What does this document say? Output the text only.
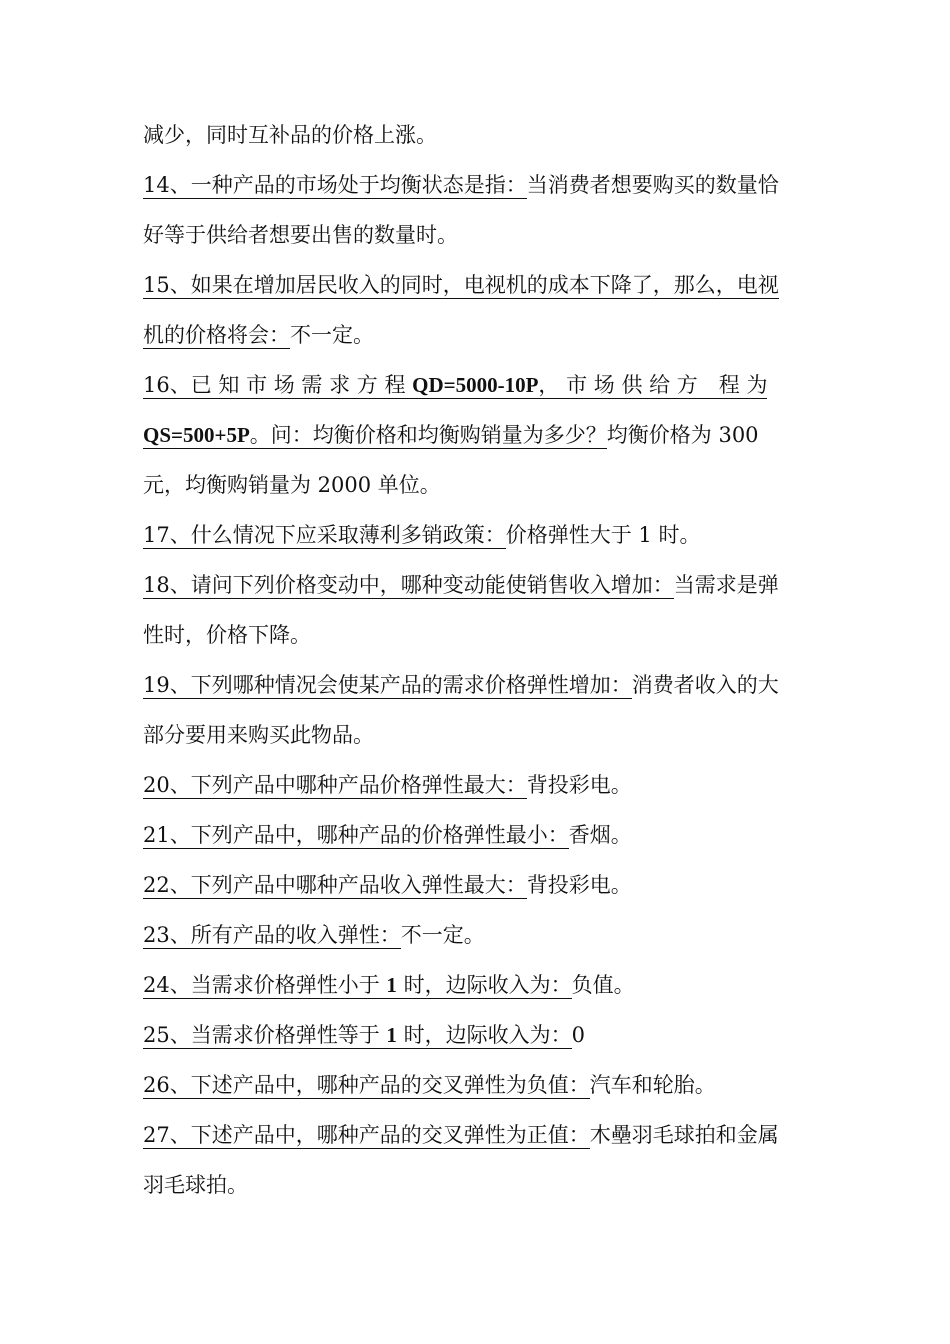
减少，同时互补品的价格上涨。
14、一种产品的市场处于均衡状态是指：当消费者想要购买的数量恰
好等于供给者想要出售的数量时。
15、如果在增加居民收入的同时，电视机的成本下降了，那么，电视
机的价格将会：不一定。
16、已 知 市 场 需 求 方 程 QD=5000-10P， 市 场 供 给 方　程 为
QS=500+5P。问：均衡价格和均衡购销量为多少？均衡价格为 300
元，均衡购销量为 2000 单位。
17、什么情况下应采取薄利多销政策：价格弹性大于 1 时。
18、请问下列价格变动中，哪种变动能使销售收入增加：当需求是弹
性时，价格下降。
19、下列哪种情况会使某产品的需求价格弹性增加：消费者收入的大
部分要用来购买此物品。
20、下列产品中哪种产品价格弹性最大：背投彩电。
21、下列产品中，哪种产品的价格弹性最小：香烟。
22、下列产品中哪种产品收入弹性最大：背投彩电。
23、所有产品的收入弹性：不一定。
24、当需求价格弹性小于 1 时，边际收入为：负值。
25、当需求价格弹性等于 1 时，边际收入为：0
26、下述产品中，哪种产品的交叉弹性为负值：汽车和轮胎。
27、下述产品中，哪种产品的交叉弹性为正值：木壘羽毛球拍和金属
羽毛球拍。
